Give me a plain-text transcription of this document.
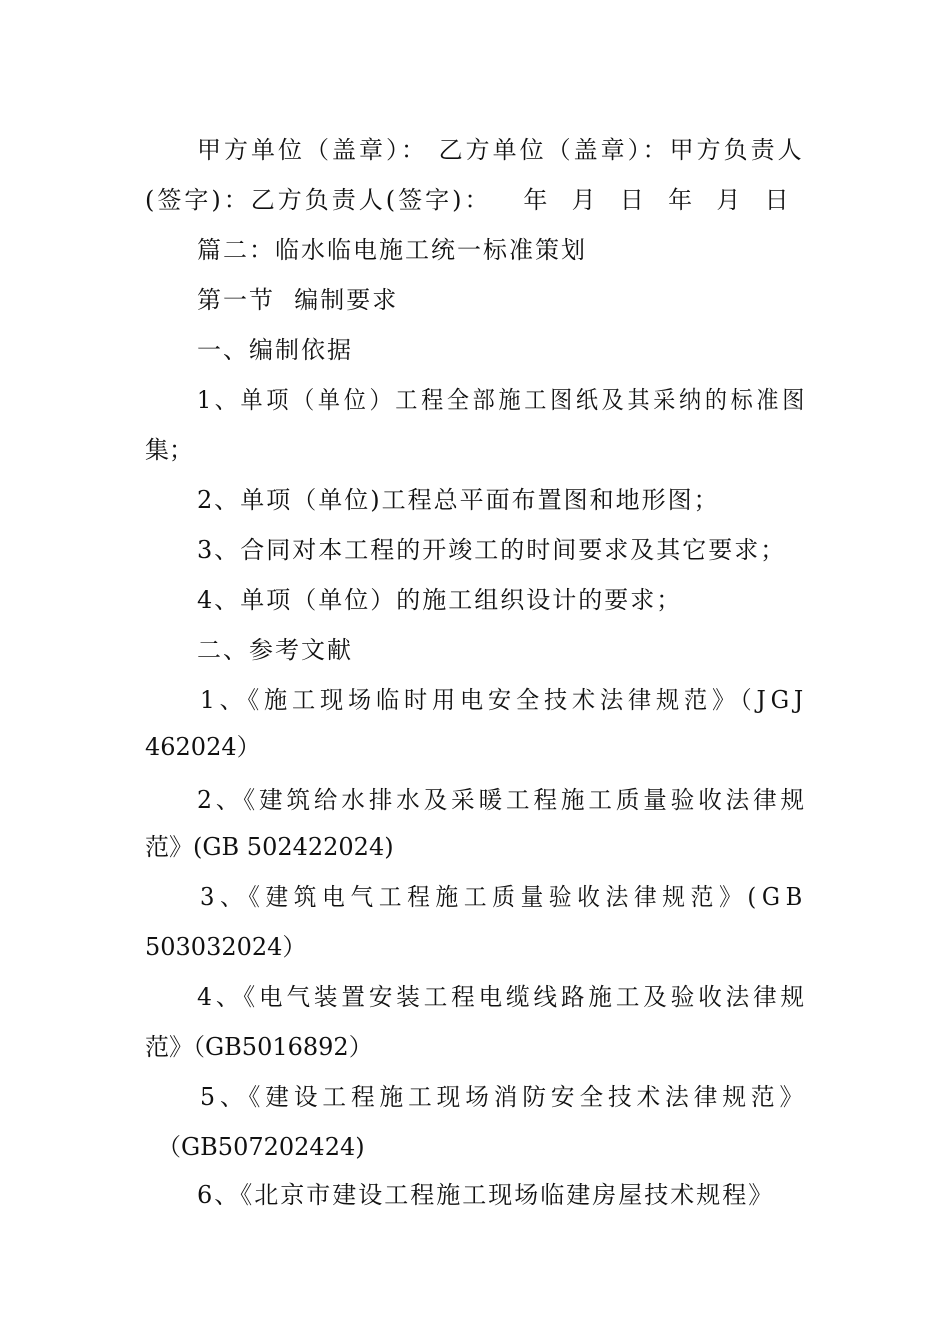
甲方单位（盖章）： 乙方单位（盖章）：甲方负责人
(签字)：乙方负责人(签字)：   年  月  日  年  月  日
篇二：临水临电施工统一标准策划
第一节  编制要求
一、编制依据
1、单项（单位）工程全部施工图纸及其采纳的标准图
集；
2、单项（单位)工程总平面布置图和地形图；
3、合同对本工程的开竣工的时间要求及其它要求；
4、单项（单位）的施工组织设计的要求；
二、参考文献
1、《施工现场临时用电安全技术法律规范》（JGJ
462024）
2、《建筑给水排水及采暖工程施工质量验收法律规
范》(GB 502422024)
3、《建筑电气工程施工质量验收法律规范》(GB
503032024）
4、《电气装置安装工程电缆线路施工及验收法律规
范》（GB5016892）
5、《建设工程施工现场消防安全技术法律规范》
（GB507202424)
6、《北京市建设工程施工现场临建房屋技术规程》
